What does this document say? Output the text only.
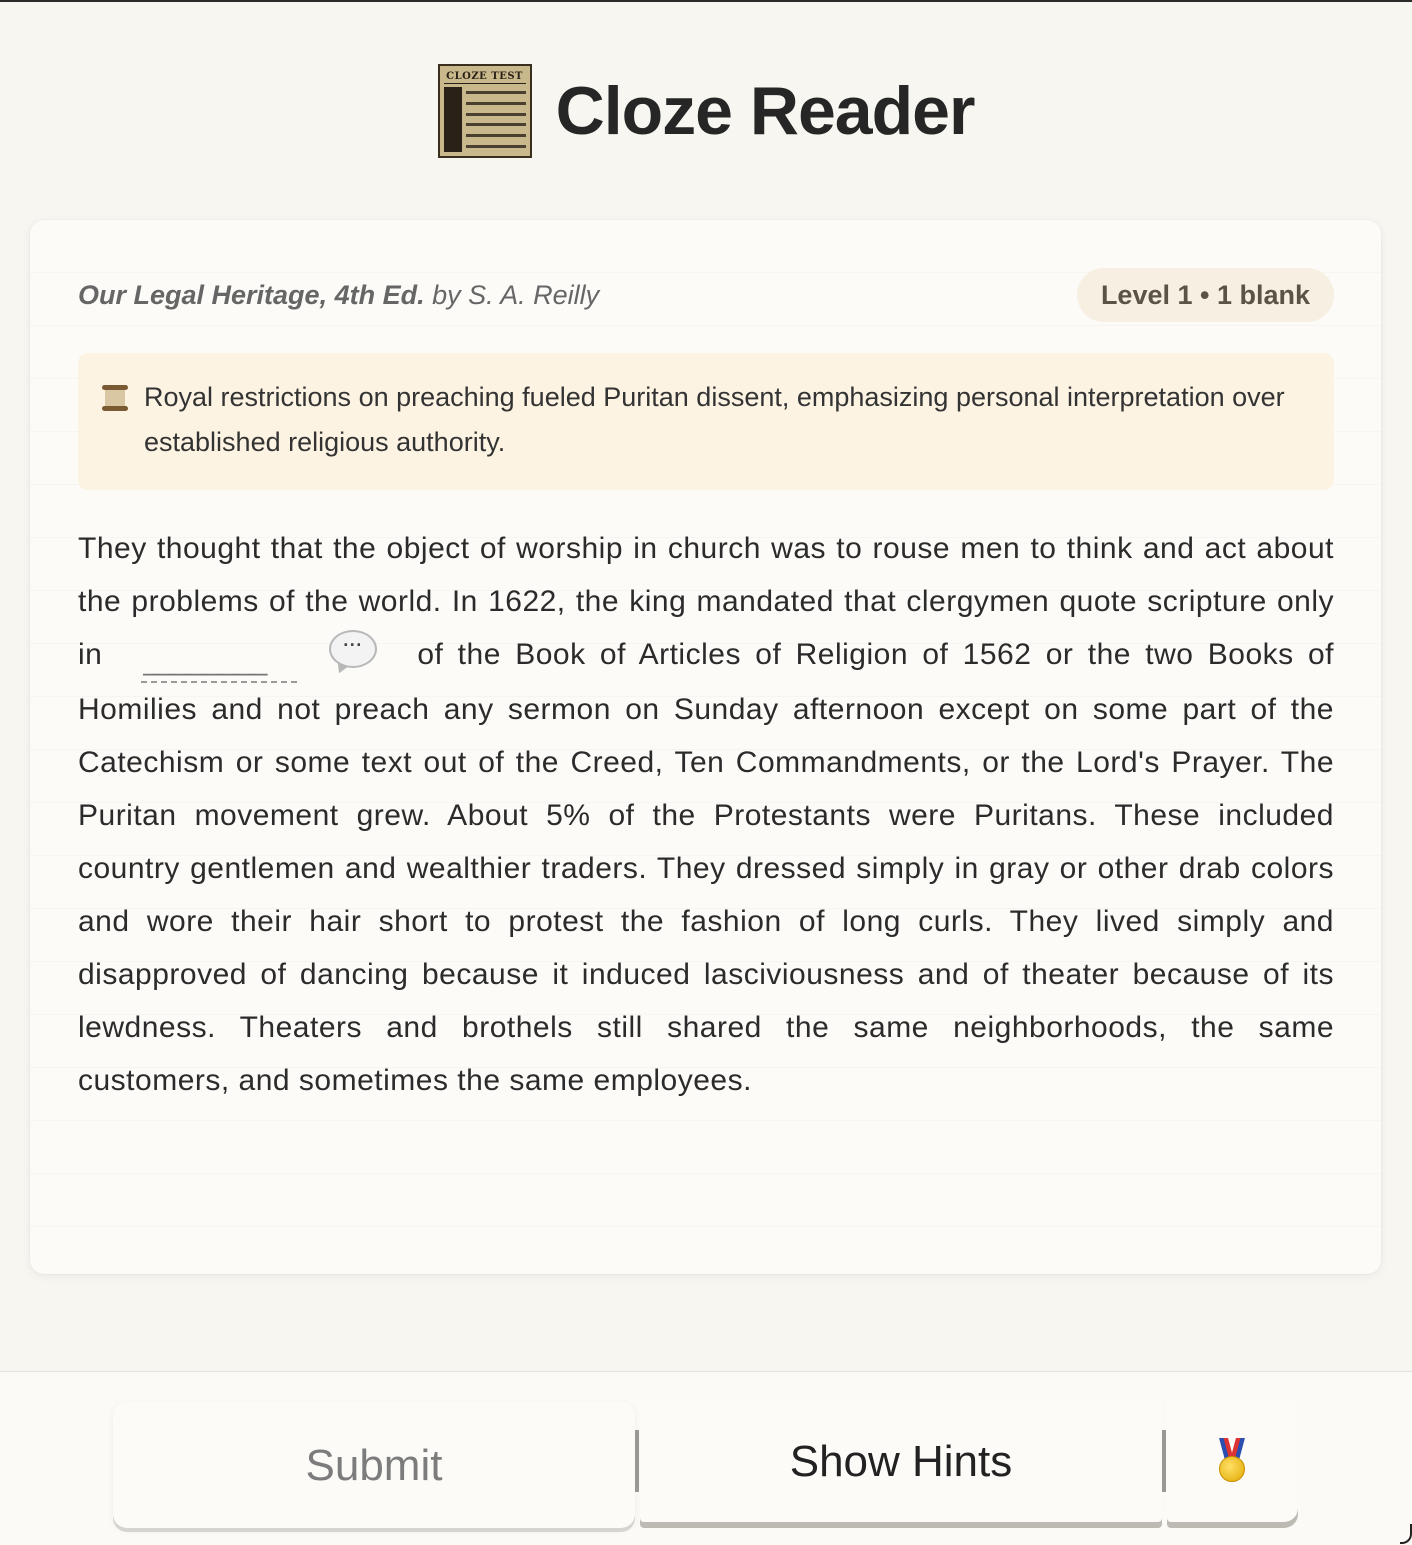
CLOZE TEST Cloze Reader
Our Legal Heritage, 4th Ed. by S. A. Reilly	Level 1 • 1 blank
Royal restrictions on preaching fueled Puritan dissent, emphasizing personal interpretation over established religious authority.
They thought that the object of worship in church was to rouse men to think and act about the problems of the world. In 1622, the king mandated that clergymen quote scripture only in ________	···	of the Book of Articles of Religion of 1562 or the two Books of Homilies and not preach any sermon on Sunday afternoon except on some part of the Catechism or some text out of the Creed, Ten Commandments, or the Lord's Prayer. The Puritan movement grew. About 5% of the Protestants were Puritans. These included country gentlemen and wealthier traders. They dressed simply in gray or other drab colors and wore their hair short to protest the fashion of long curls. They lived simply and disapproved of dancing because it induced lasciviousness and of theater because of its lewdness. Theaters and brothels still shared the same neighborhoods, the same customers, and sometimes the same employees.
Submit	Show Hints
